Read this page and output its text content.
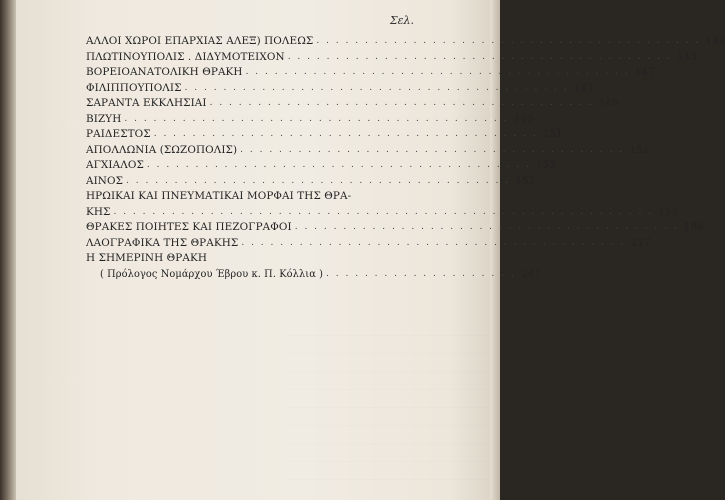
Σελ.
ΑΛΛΟΙ ΧΩΡΟΙ ΕΠΑΡΧΙΑΣ ΑΛΕΞ) ΠΟΛΕΩΣ . . . . . . . . . . . . . . . . . . . . . . . . . . . . . . . . . . . . . . . . 142
ΠΛΩΤΙΝΟΥΠΟΛΙΣ . ΔΙΔΥΜΟΤΕΙΧΟΝ . . . . . . . . . . . . . . . . . . . . . . . . . . . . . . . . . . . . . . . . 143
ΒΟΡΕΙΟΑΝΑΤΟΛΙΚΗ ΘΡΑΚΗ . . . . . . . . . . . . . . . . . . . . . . . . . . . . . . . . . . . . . . . . 147
ΦΙΛΙΠΠΟΥΠΟΛΙΣ . . . . . . . . . . . . . . . . . . . . . . . . . . . . . . . . . . . . . . . . 147
ΣΑΡΑΝΤΑ ΕΚΚΛΗΣΙΑΙ . . . . . . . . . . . . . . . . . . . . . . . . . . . . . . . . . . . . . . . . 149
ΒΙΖΥΗ . . . . . . . . . . . . . . . . . . . . . . . . . . . . . . . . . . . . . . . . 149
ΡΑΙΔΕΣΤΟΣ . . . . . . . . . . . . . . . . . . . . . . . . . . . . . . . . . . . . . . . . 151
ΑΠΟΛΛΩΝΙΑ (ΣΩΖΟΠΟΛΙΣ) . . . . . . . . . . . . . . . . . . . . . . . . . . . . . . . . . . . . . . . . 151
ΑΓΧΙΑΛΟΣ . . . . . . . . . . . . . . . . . . . . . . . . . . . . . . . . . . . . . . . . 152
ΑΙΝΟΣ . . . . . . . . . . . . . . . . . . . . . . . . . . . . . . . . . . . . . . . . 152
ΗΡΩΙΚΑΙ ΚΑΙ ΠΝΕΥΜΑΤΙΚΑΙ ΜΟΡΦΑΙ ΤΗΣ ΘΡΑ-
ΚΗΣ . . . . . . . . . . . . . . . . . . . . . . . . . . . . . . . . . . . . . . . . . . . . . . . . . . . . . . . . 155
ΘΡΑΚΕΣ ΠΟΙΗΤΕΣ ΚΑΙ ΠΕΖΟΓΡΑΦΟΙ . . . . . . . . . . . . . . . . . . . . . . . . . . . . . . . . . . . . . . . . 196
ΛΑΟΓΡΑΦΙΚΑ ΤΗΣ ΘΡΑΚΗΣ . . . . . . . . . . . . . . . . . . . . . . . . . . . . . . . . . . . . . . . . 217
Η ΣΗΜΕΡΙΝΗ ΘΡΑΚΗ
( Πρόλογος Νομάρχου Έβρου κ. Π. Κόλλια ) . . . . . . . . . . . . . . . . . . . . 241
